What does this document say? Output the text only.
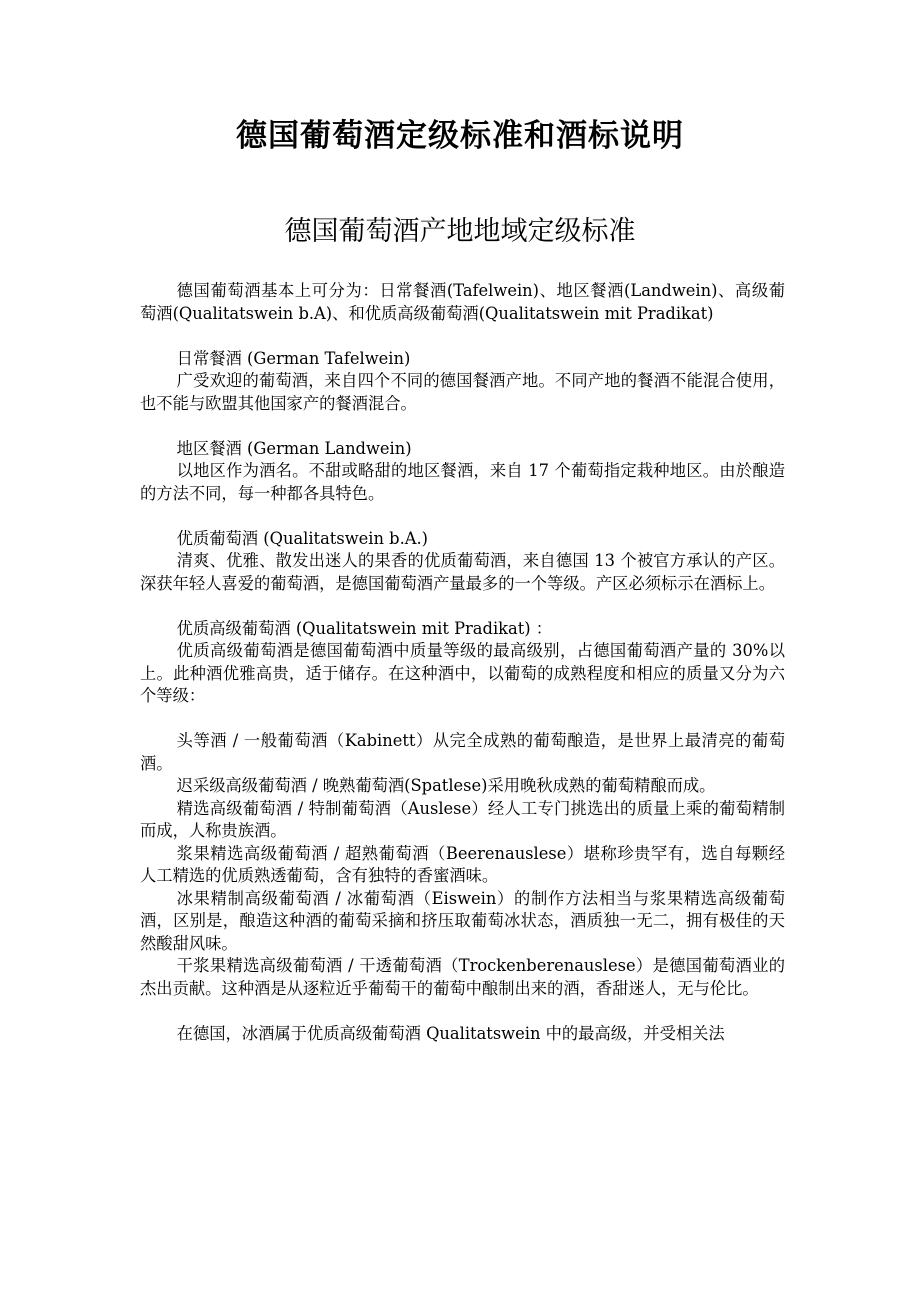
德国葡萄酒定级标准和酒标说明
德国葡萄酒产地地域定级标准

德国葡萄酒基本上可分为：日常餐酒(Tafelwein)、地区餐酒(Landwein)、高级葡萄酒(Qualitatswein b.A)、和优质高级葡萄酒(Qualitatswein mit Pradikat)

日常餐酒 (German Tafelwein)

广受欢迎的葡萄酒，来自四个不同的德国餐酒产地。不同产地的餐酒不能混合使用，也不能与欧盟其他国家产的餐酒混合。

地区餐酒 (German Landwein)

以地区作为酒名。不甜或略甜的地区餐酒，来自 17 个葡萄指定栽种地区。由於酿造的方法不同，每一种都各具特色。

优质葡萄酒 (Qualitatswein b.A.)

清爽、优雅、散发出迷人的果香的优质葡萄酒，来自德国 13 个被官方承认的产区。深获年轻人喜爱的葡萄酒，是德国葡萄酒产量最多的一个等级。产区必须标示在酒标上。

优质高级葡萄酒 (Qualitatswein mit Pradikat) ：

优质高级葡萄酒是德国葡萄酒中质量等级的最高级别，占德国葡萄酒产量的 30%以上。此种酒优雅高贵，适于储存。在这种酒中，以葡萄的成熟程度和相应的质量又分为六个等级：

头等酒 / 一般葡萄酒（Kabinett）从完全成熟的葡萄酿造，是世界上最清亮的葡萄酒。

迟采级高级葡萄酒 / 晚熟葡萄酒(Spatlese)采用晚秋成熟的葡萄精酿而成。

精选高级葡萄酒 / 特制葡萄酒（Auslese）经人工专门挑选出的质量上乘的葡萄精制而成，人称贵族酒。

浆果精选高级葡萄酒 / 超熟葡萄酒（Beerenauslese）堪称珍贵罕有，选自每颗经人工精选的优质熟透葡萄，含有独特的香蜜酒味。

冰果精制高级葡萄酒 / 冰葡萄酒（Eiswein）的制作方法相当与浆果精选高级葡萄酒，区别是，酿造这种酒的葡萄采摘和挤压取葡萄冰状态，酒质独一无二，拥有极佳的天然酸甜风味。

干浆果精选高级葡萄酒 / 干透葡萄酒（Trockenberenauslese）是德国葡萄酒业的杰出贡献。这种酒是从逐粒近乎葡萄干的葡萄中酿制出来的酒，香甜迷人，无与伦比。

在德国，冰酒属于优质高级葡萄酒 Qualitatswein 中的最高级，并受相关法
